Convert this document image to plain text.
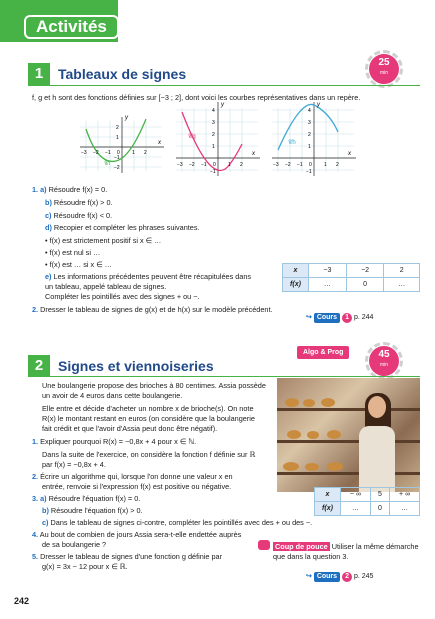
Activités
25
min
1	Tableaux de signes
f, g et h sont des fonctions définies sur [−3 ; 2], dont voici les courbes représentatives dans un repère.
y
x
𝒞f
−3 −2 −1 0 1 2
2
1
−1
−2
y
x
𝒞g
−3 −2 −1 0 1 2
4
3
2
1
−1
y
x
𝒞h
−3 −2 −1 0 1 2
4
3
2
1
−1
1. a) Résoudre f(x) = 0.
b) Résoudre f(x) > 0.
c) Résoudre f(x) < 0.
d) Recopier et compléter les phrases suivantes.
• f(x) est strictement positif si x ∈ …
• f(x) est nul si …
• f(x) est … si x ∈ …
e) Les informations précédentes peuvent être récapitulées dans
un tableau, appelé tableau de signes.
Compléter les pointillés avec des signes + ou −.
x	−3	−2	2
f(x)	…	0	…
2. Dresser le tableau de signes de g(x) et de h(x) sur le modèle précédent.
↪ Cours 1 p. 244
Algo & Prog	45
min
2	Signes et viennoiseries
Une boulangerie propose des brioches à 80 centimes. Assia possède
un avoir de 4 euros dans cette boulangerie.
Elle entre et décide d'acheter un nombre x de brioche(s). On note
R(x) le montant restant en euros (on considère que la boulangerie
fait crédit et que l'avoir d'Assia peut donc être négatif).
1. Expliquer pourquoi R(x) = −0,8x + 4 pour x ∈ ℕ.
Dans la suite de l'exercice, on considère la fonction f définie sur ℝ
par f(x) = −0,8x + 4.
2. Écrire un algorithme qui, lorsque l'on donne une valeur x en
entrée, renvoie si l'expression f(x) est positive ou négative.
3. a) Résoudre l'équation f(x) = 0.
b) Résoudre l'équation f(x) > 0.
c) Dans le tableau de signes ci-contre, compléter les pointillés avec des + ou des −.
4. Au bout de combien de jours Assia sera-t-elle endettée auprès
de sa boulangerie ?
5. Dresser le tableau de signes d'une fonction g définie par
g(x) = 3x − 12 pour x ∈ ℝ.
x	− ∞	5	+ ∞
f(x)	…	0	…
Coup de pouce Utiliser la même démarche
que dans la question 3.
↪ Cours 2 p. 245
242
